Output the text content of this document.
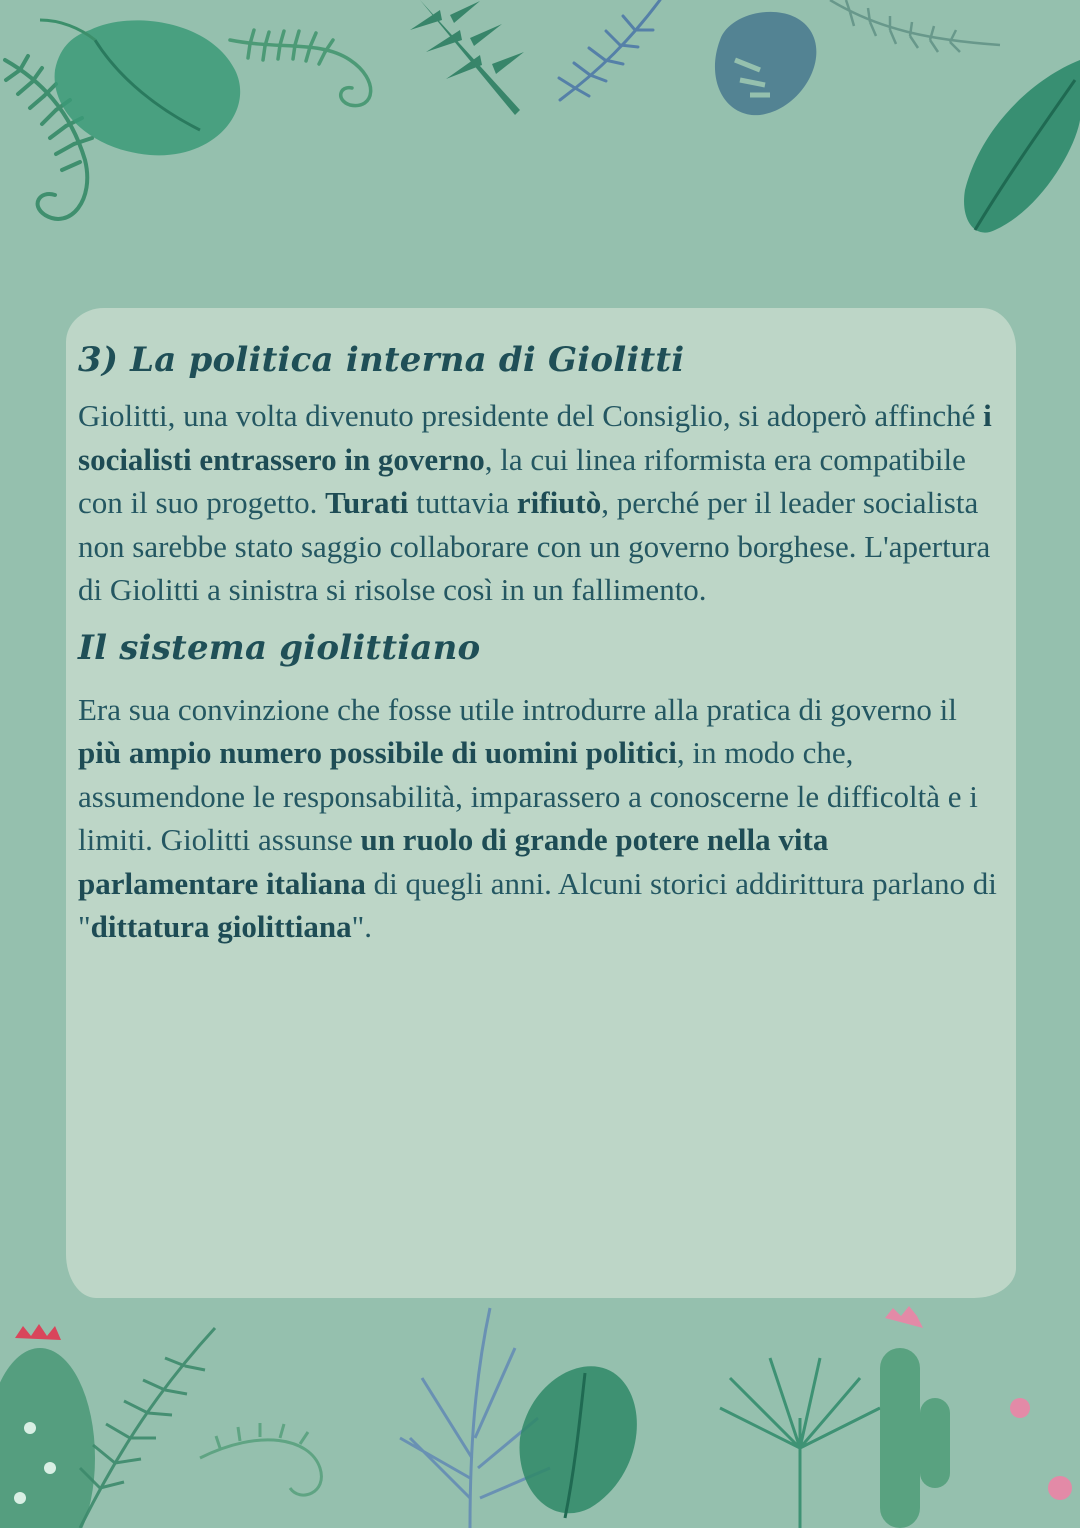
3) La politica interna di Giolitti

Giolitti, una volta divenuto presidente del Consiglio, si adoperò affinché i socialisti entrassero in governo, la cui linea riformista era compatibile con il suo progetto. Turati tuttavia rifiutò, perché per il leader socialista non sarebbe stato saggio collaborare con un governo borghese. L'apertura di Giolitti a sinistra si risolse così in un fallimento.

Il sistema giolittiano

Era sua convinzione che fosse utile introdurre alla pratica di governo il più ampio numero possibile di uomini politici, in modo che, assumendone le responsabilità, imparassero a conoscerne le difficoltà e i limiti. Giolitti assunse un ruolo di grande potere nella vita parlamentare italiana di quegli anni. Alcuni storici addirittura parlano di "dittatura giolittiana".
